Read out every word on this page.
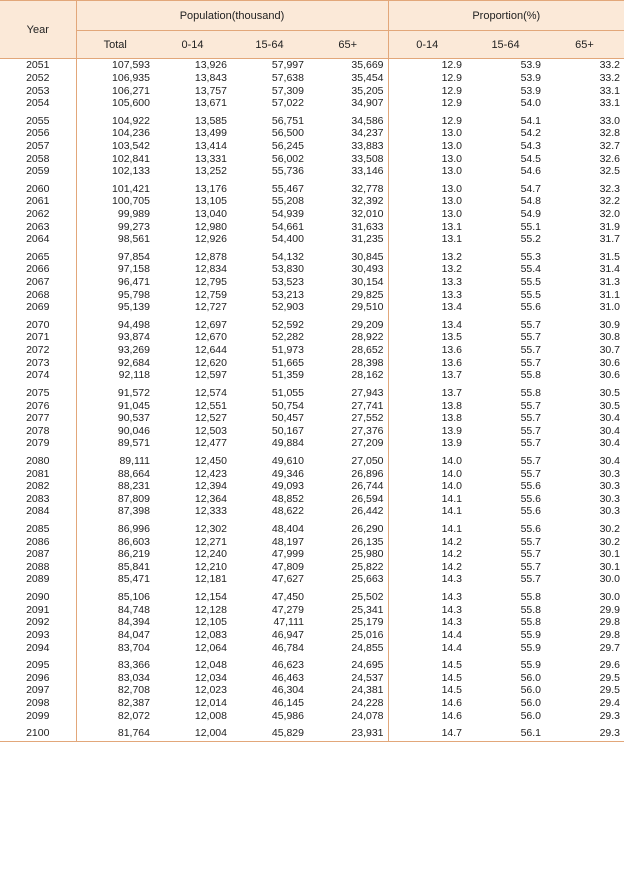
Year	Population(thousand)				Proportion(%)		
	Total	0-14	15-64	65+	0-14	15-64	65+
2051	107,593	13,926	57,997	35,669	12.9	53.9	33.2
2052	106,935	13,843	57,638	35,454	12.9	53.9	33.2
2053	106,271	13,757	57,309	35,205	12.9	53.9	33.1
2054	105,600	13,671	57,022	34,907	12.9	54.0	33.1
2055	104,922	13,585	56,751	34,586	12.9	54.1	33.0
2056	104,236	13,499	56,500	34,237	13.0	54.2	32.8
2057	103,542	13,414	56,245	33,883	13.0	54.3	32.7
2058	102,841	13,331	56,002	33,508	13.0	54.5	32.6
2059	102,133	13,252	55,736	33,146	13.0	54.6	32.5
2060	101,421	13,176	55,467	32,778	13.0	54.7	32.3
2061	100,705	13,105	55,208	32,392	13.0	54.8	32.2
2062	99,989	13,040	54,939	32,010	13.0	54.9	32.0
2063	99,273	12,980	54,661	31,633	13.1	55.1	31.9
2064	98,561	12,926	54,400	31,235	13.1	55.2	31.7
2065	97,854	12,878	54,132	30,845	13.2	55.3	31.5
2066	97,158	12,834	53,830	30,493	13.2	55.4	31.4
2067	96,471	12,795	53,523	30,154	13.3	55.5	31.3
2068	95,798	12,759	53,213	29,825	13.3	55.5	31.1
2069	95,139	12,727	52,903	29,510	13.4	55.6	31.0
2070	94,498	12,697	52,592	29,209	13.4	55.7	30.9
2071	93,874	12,670	52,282	28,922	13.5	55.7	30.8
2072	93,269	12,644	51,973	28,652	13.6	55.7	30.7
2073	92,684	12,620	51,665	28,398	13.6	55.7	30.6
2074	92,118	12,597	51,359	28,162	13.7	55.8	30.6
2075	91,572	12,574	51,055	27,943	13.7	55.8	30.5
2076	91,045	12,551	50,754	27,741	13.8	55.7	30.5
2077	90,537	12,527	50,457	27,552	13.8	55.7	30.4
2078	90,046	12,503	50,167	27,376	13.9	55.7	30.4
2079	89,571	12,477	49,884	27,209	13.9	55.7	30.4
2080	89,111	12,450	49,610	27,050	14.0	55.7	30.4
2081	88,664	12,423	49,346	26,896	14.0	55.7	30.3
2082	88,231	12,394	49,093	26,744	14.0	55.6	30.3
2083	87,809	12,364	48,852	26,594	14.1	55.6	30.3
2084	87,398	12,333	48,622	26,442	14.1	55.6	30.3
2085	86,996	12,302	48,404	26,290	14.1	55.6	30.2
2086	86,603	12,271	48,197	26,135	14.2	55.7	30.2
2087	86,219	12,240	47,999	25,980	14.2	55.7	30.1
2088	85,841	12,210	47,809	25,822	14.2	55.7	30.1
2089	85,471	12,181	47,627	25,663	14.3	55.7	30.0
2090	85,106	12,154	47,450	25,502	14.3	55.8	30.0
2091	84,748	12,128	47,279	25,341	14.3	55.8	29.9
2092	84,394	12,105	47,111	25,179	14.3	55.8	29.8
2093	84,047	12,083	46,947	25,016	14.4	55.9	29.8
2094	83,704	12,064	46,784	24,855	14.4	55.9	29.7
2095	83,366	12,048	46,623	24,695	14.5	55.9	29.6
2096	83,034	12,034	46,463	24,537	14.5	56.0	29.5
2097	82,708	12,023	46,304	24,381	14.5	56.0	29.5
2098	82,387	12,014	46,145	24,228	14.6	56.0	29.4
2099	82,072	12,008	45,986	24,078	14.6	56.0	29.3
2100	81,764	12,004	45,829	23,931	14.7	56.1	29.3
